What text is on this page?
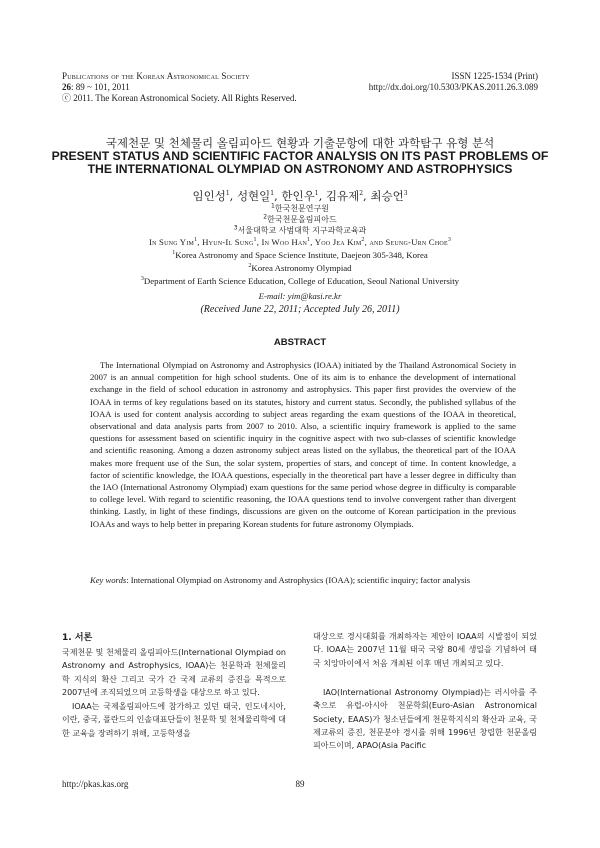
Publications of the Korean Astronomical Society
26: 89 ~ 101, 2011
ⓒ 2011. The Korean Astronomical Society. All Rights Reserved.
ISSN 1225-1534 (Print)
http://dx.doi.org/10.5303/PKAS.2011.26.3.089
국제천문 및 천체물리 올림피아드 현황과 기출문항에 대한 과학탐구 유형 분석
PRESENT STATUS AND SCIENTIFIC FACTOR ANALYSIS ON ITS PAST PROBLEMS OF
THE INTERNATIONAL OLYMPIAD ON ASTRONOMY AND ASTROPHYSICS
임인성$^1$, 성현일$^1$, 한인우$^1$, 김유제$^2$, 최승언$^3$
$^1$한국천문연구원
$^2$한국천문올림피아드
$^3$서울대학교 사범대학 지구과학교육과
In Sung Yim$^1$, Hyun-Il Sung$^1$, In Woo Han$^1$, Yoo Jea Kim$^2$, and Seung-Urn Choe$^3$
$^1$Korea Astronomy and Space Science Institute, Daejeon 305-348, Korea
$^2$Korea Astronomy Olympiad
$^3$Department of Earth Science Education, College of Education, Seoul National University
E-mail: yim@kasi.re.kr
(Received June 22, 2011; Accepted July 26, 2011)
ABSTRACT

The International Olympiad on Astronomy and Astrophysics (IOAA) initiated by the Thailand Astronomical Society in 2007 is an annual competition for high school students. One of its aim is to enhance the development of international exchange in the field of school education in astronomy and astrophysics. This paper first provides the overview of the IOAA in terms of key regulations based on its statutes, history and current status. Secondly, the published syllabus of the IOAA is used for content analysis according to subject areas regarding the exam questions of the IOAA in theoretical, observational and data analysis parts from 2007 to 2010. Also, a scientific inquiry framework is applied to the same questions for assessment based on scientific inquiry in the cognitive aspect with two sub-classes of scientific knowledge and scientific reasoning. Among a dozen astronomy subject areas listed on the syllabus, the theoretical part of the IOAA makes more frequent use of the Sun, the solar system, properties of stars, and concept of time. In content knowledge, a factor of scientific knowledge, the IOAA questions, especially in the theoretical part have a lesser degree in difficulty than the IAO (International Astronomy Olympiad) exam questions for the same period whose degree in difficulty is comparable to college level. With regard to scientific reasoning, the IOAA questions tend to involve convergent rather than divergent thinking. Lastly, in light of these findings, discussions are given on the outcome of Korean participation in the previous IOAAs and ways to help better in preparing Korean students for future astronomy Olympiads.

Key words: International Olympiad on Astronomy and Astrophysics (IOAA); scientific inquiry; factor analysis

1. 서론

국제천문 및 천체물리 올림피아드(International Olympiad on Astronomy and Astrophysics, IOAA)는 천문학과 천체물리학 지식의 확산 그리고 국가 간 국제 교류의 증진을 목적으로 2007년에 조직되었으며 고등학생을 대상으로 하고 있다.

IOAA는 국제올림피아드에 참가하고 있던 태국, 인도네시아, 이란, 중국, 폴란드의 인솔대표단들이 천문학 및 천체물리학에 대한 교육을 장려하기 위해, 고등학생을

대상으로 경시대회를 개최하자는 제안이 IOAA의 시발점이 되었다. IOAA는 2007년 11월 태국 국왕 80세 생일을 기념하여 태국 치앙마이에서 처음 개최된 이후 매년 개최되고 있다.

IAO(International Astronomy Olympiad)는 러시아를 주축으로 유럽-아시아 천문학회(Euro-Asian Astronomical Society, EAAS)가 청소년들에게 천문학지식의 확산과 교육, 국제교류의 증진, 천문분야 경시를 위해 1996년 창립한 천문올림피아드이며, APAO(Asia Pacific

http://pkas.kas.org	89
